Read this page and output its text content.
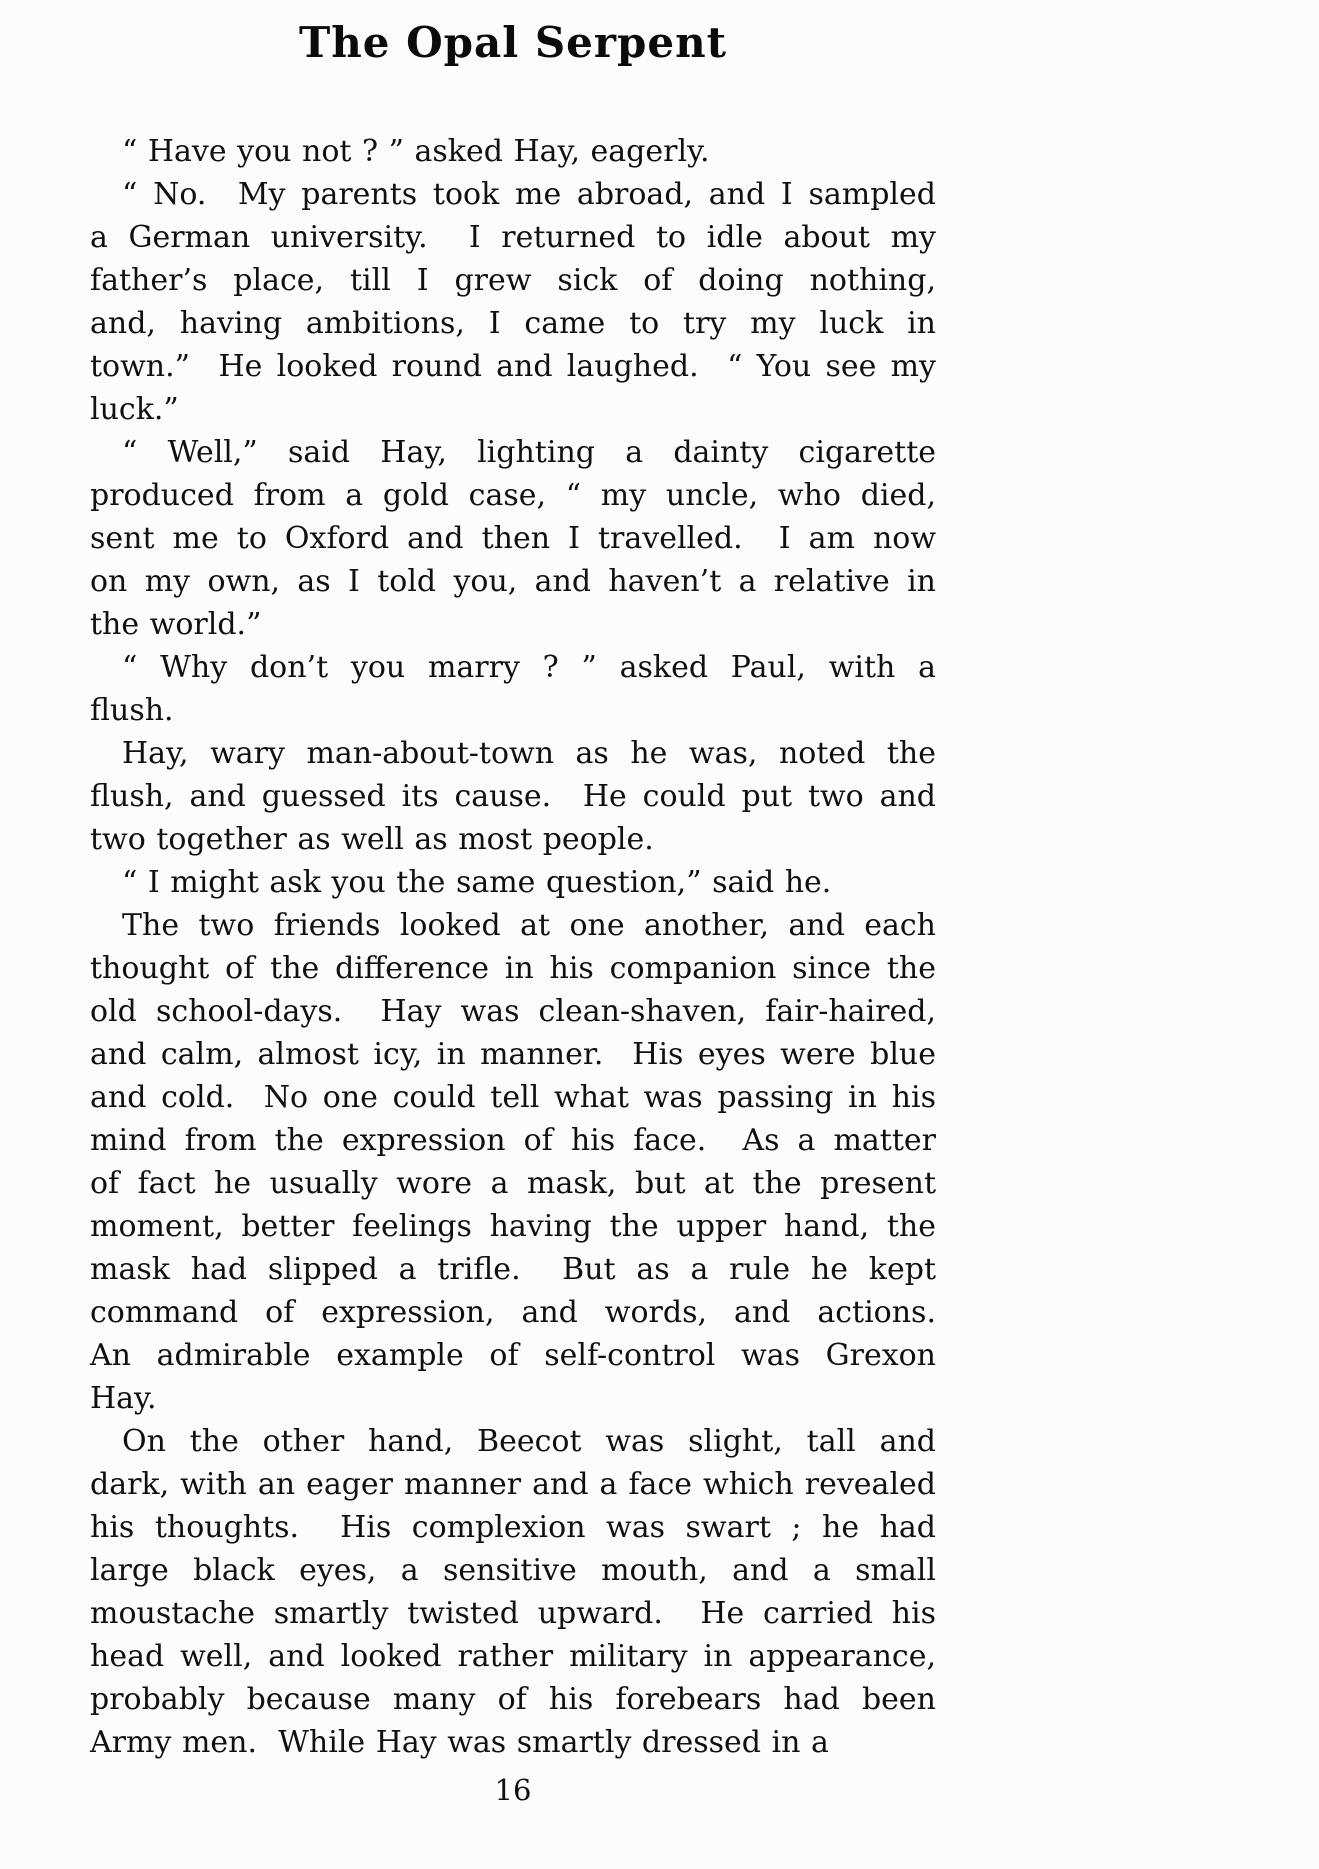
The Opal Serpent
“ Have you not ? ” asked Hay, eagerly.
“ No.  My parents took me abroad, and I sampled
a German university.  I returned to idle about my
father’s place, till I grew sick of doing nothing,
and, having ambitions, I came to try my luck in
town.”  He looked round and laughed.  “ You see my
luck.”
“ Well,” said Hay, lighting a dainty cigarette
produced from a gold case, “ my uncle, who died,
sent me to Oxford and then I travelled.  I am now
on my own, as I told you, and haven’t a relative in
the world.”
“ Why don’t you marry ? ” asked Paul, with a
flush.
Hay, wary man-about-town as he was, noted the
flush, and guessed its cause.  He could put two and
two together as well as most people.
“ I might ask you the same question,” said he.
The two friends looked at one another, and each
thought of the difference in his companion since the
old school-days.  Hay was clean-shaven, fair-haired,
and calm, almost icy, in manner.  His eyes were blue
and cold.  No one could tell what was passing in his
mind from the expression of his face.  As a matter
of fact he usually wore a mask, but at the present
moment, better feelings having the upper hand, the
mask had slipped a trifle.  But as a rule he kept
command of expression, and words, and actions.
An admirable example of self-control was Grexon
Hay.
On the other hand, Beecot was slight, tall and
dark, with an eager manner and a face which revealed
his thoughts.  His complexion was swart ; he had
large black eyes, a sensitive mouth, and a small
moustache smartly twisted upward.  He carried his
head well, and looked rather military in appearance,
probably because many of his forebears had been
Army men.  While Hay was smartly dressed in a
16
